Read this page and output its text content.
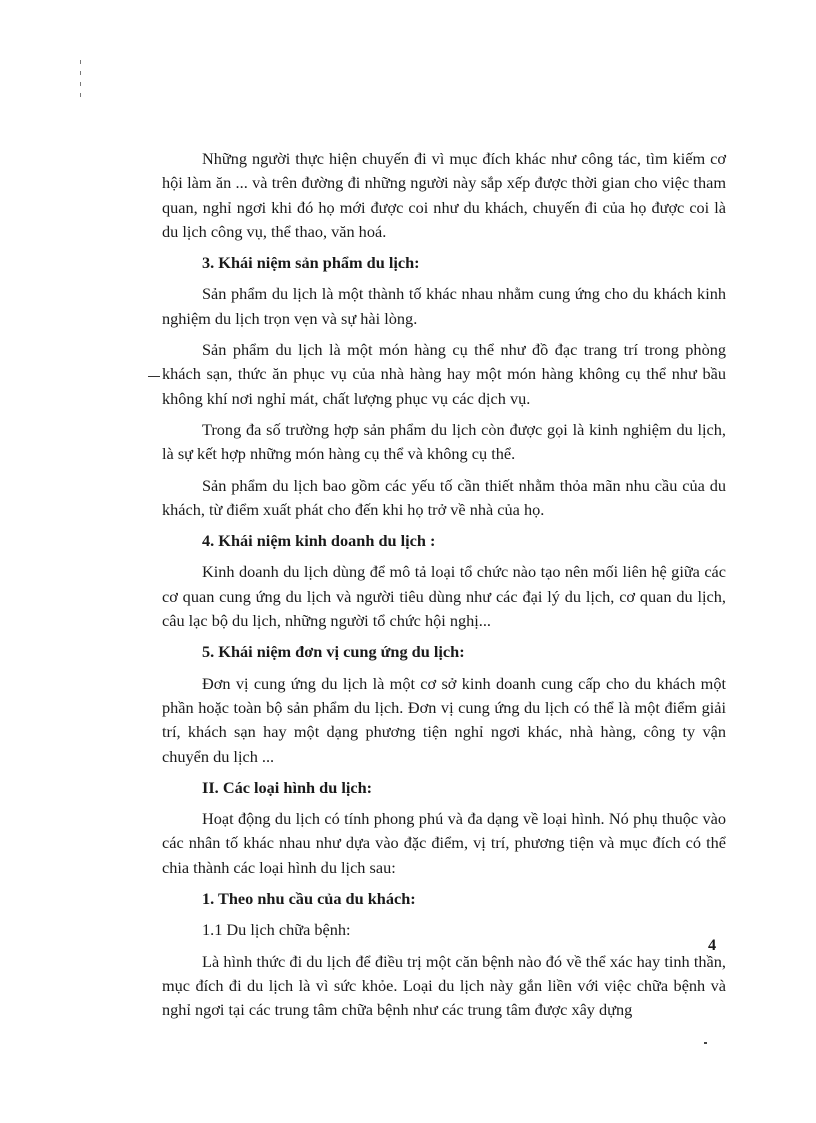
Những người thực hiện chuyến đi vì mục đích khác như công tác, tìm kiếm cơ hội làm ăn ... và trên đường đi những người này sắp xếp được thời gian cho việc tham quan, nghỉ ngơi khi đó họ mới được coi như du khách, chuyến đi của họ được coi là du lịch công vụ, thể thao, văn hoá.

3. Khái niệm sản phẩm du lịch:

Sản phẩm du lịch là một thành tố khác nhau nhằm cung ứng cho du khách kinh nghiệm du lịch trọn vẹn và sự hài lòng.

Sản phẩm du lịch là một món hàng cụ thể như đồ đạc trang trí trong phòng khách sạn, thức ăn phục vụ của nhà hàng hay một món hàng không cụ thể như bầu không khí nơi nghỉ mát, chất lượng phục vụ các dịch vụ.

Trong đa số trường hợp sản phẩm du lịch còn được gọi là kinh nghiệm du lịch, là sự kết hợp những món hàng cụ thể và không cụ thể.

Sản phẩm du lịch bao gồm các yếu tố cần thiết nhằm thỏa mãn nhu cầu của du khách, từ điểm xuất phát cho đến khi họ trở về nhà của họ.

4. Khái niệm kinh doanh du lịch :

Kinh doanh du lịch dùng để mô tả loại tổ chức nào tạo nên mối liên hệ giữa các cơ quan cung ứng du lịch và người tiêu dùng như các đại lý du lịch, cơ quan du lịch, câu lạc bộ du lịch, những người tổ chức hội nghị...

5. Khái niệm đơn vị cung ứng du lịch:

Đơn vị cung ứng du lịch là một cơ sở kinh doanh cung cấp cho du khách một phần hoặc toàn bộ sản phẩm du lịch. Đơn vị cung ứng du lịch có thể là một điểm giải trí, khách sạn hay một dạng phương tiện nghỉ ngơi khác, nhà hàng, công ty vận chuyển du lịch ...

II. Các loại hình du lịch:

Hoạt động du lịch có tính phong phú và đa dạng về loại hình. Nó phụ thuộc vào các nhân tố khác nhau như dựa vào đặc điểm, vị trí, phương tiện và mục đích có thể chia thành các loại hình du lịch sau:

1. Theo nhu cầu của du khách:

1.1 Du lịch chữa bệnh:

Là hình thức đi du lịch để điều trị một căn bệnh nào đó về thể xác hay tinh thần, mục đích đi du lịch là vì sức khỏe. Loại du lịch này gắn liền với việc chữa bệnh và nghỉ ngơi tại các trung tâm chữa bệnh như các trung tâm được xây dựng

4
